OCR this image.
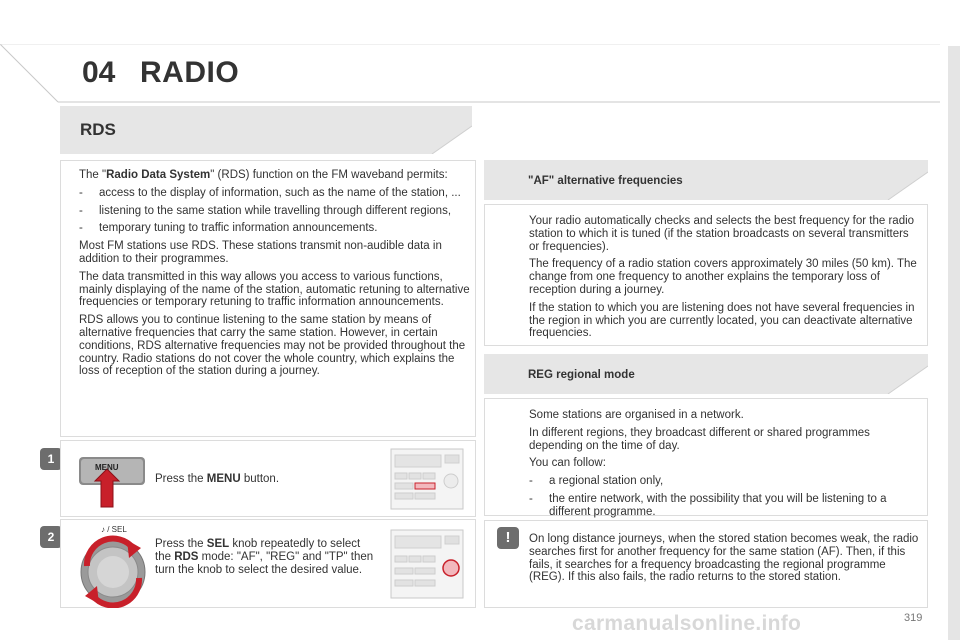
04 RADIO
RDS

The "Radio Data System" (RDS) function on the FM waveband permits:

-	access to the display of information, such as the name of the station, ...
-	listening to the same station while travelling through different regions,
-	temporary tuning to traffic information announcements.

Most FM stations use RDS. These stations transmit non-audible data in addition to their programmes.

The data transmitted in this way allows you access to various functions, mainly displaying of the name of the station, automatic retuning to alternative frequencies or temporary retuning to traffic information announcements.

RDS allows you to continue listening to the same station by means of alternative frequencies that carry the same station. However, in certain conditions, RDS alternative frequencies may not be provided throughout the country. Radio stations do not cover the whole country, which explains the loss of reception of the station during a journey.

1
MENU
Press the MENU button.
2
♪ / SEL
Press the SEL knob repeatedly to select the RDS mode: "AF", "REG" and "TP" then turn the knob to select the desired value.
"AF" alternative frequencies

Your radio automatically checks and selects the best frequency for the radio station to which it is tuned (if the station broadcasts on several transmitters or frequencies).

The frequency of a radio station covers approximately 30 miles (50 km). The change from one frequency to another explains the temporary loss of reception during a journey.

If the station to which you are listening does not have several frequencies in the region in which you are currently located, you can deactivate alternative frequencies.

REG regional mode

Some stations are organised in a network.

In different regions, they broadcast different or shared programmes depending on the time of day.

You can follow:

-	a regional station only,
-	the entire network, with the possibility that you will be listening to a different programme.
!	On long distance journeys, when the stored station becomes weak, the radio searches first for another frequency for the same station (AF). Then, if this fails, it searches for a frequency broadcasting the regional programme (REG). If this also fails, the radio returns to the stored station.
carmanualsonline.info	319
